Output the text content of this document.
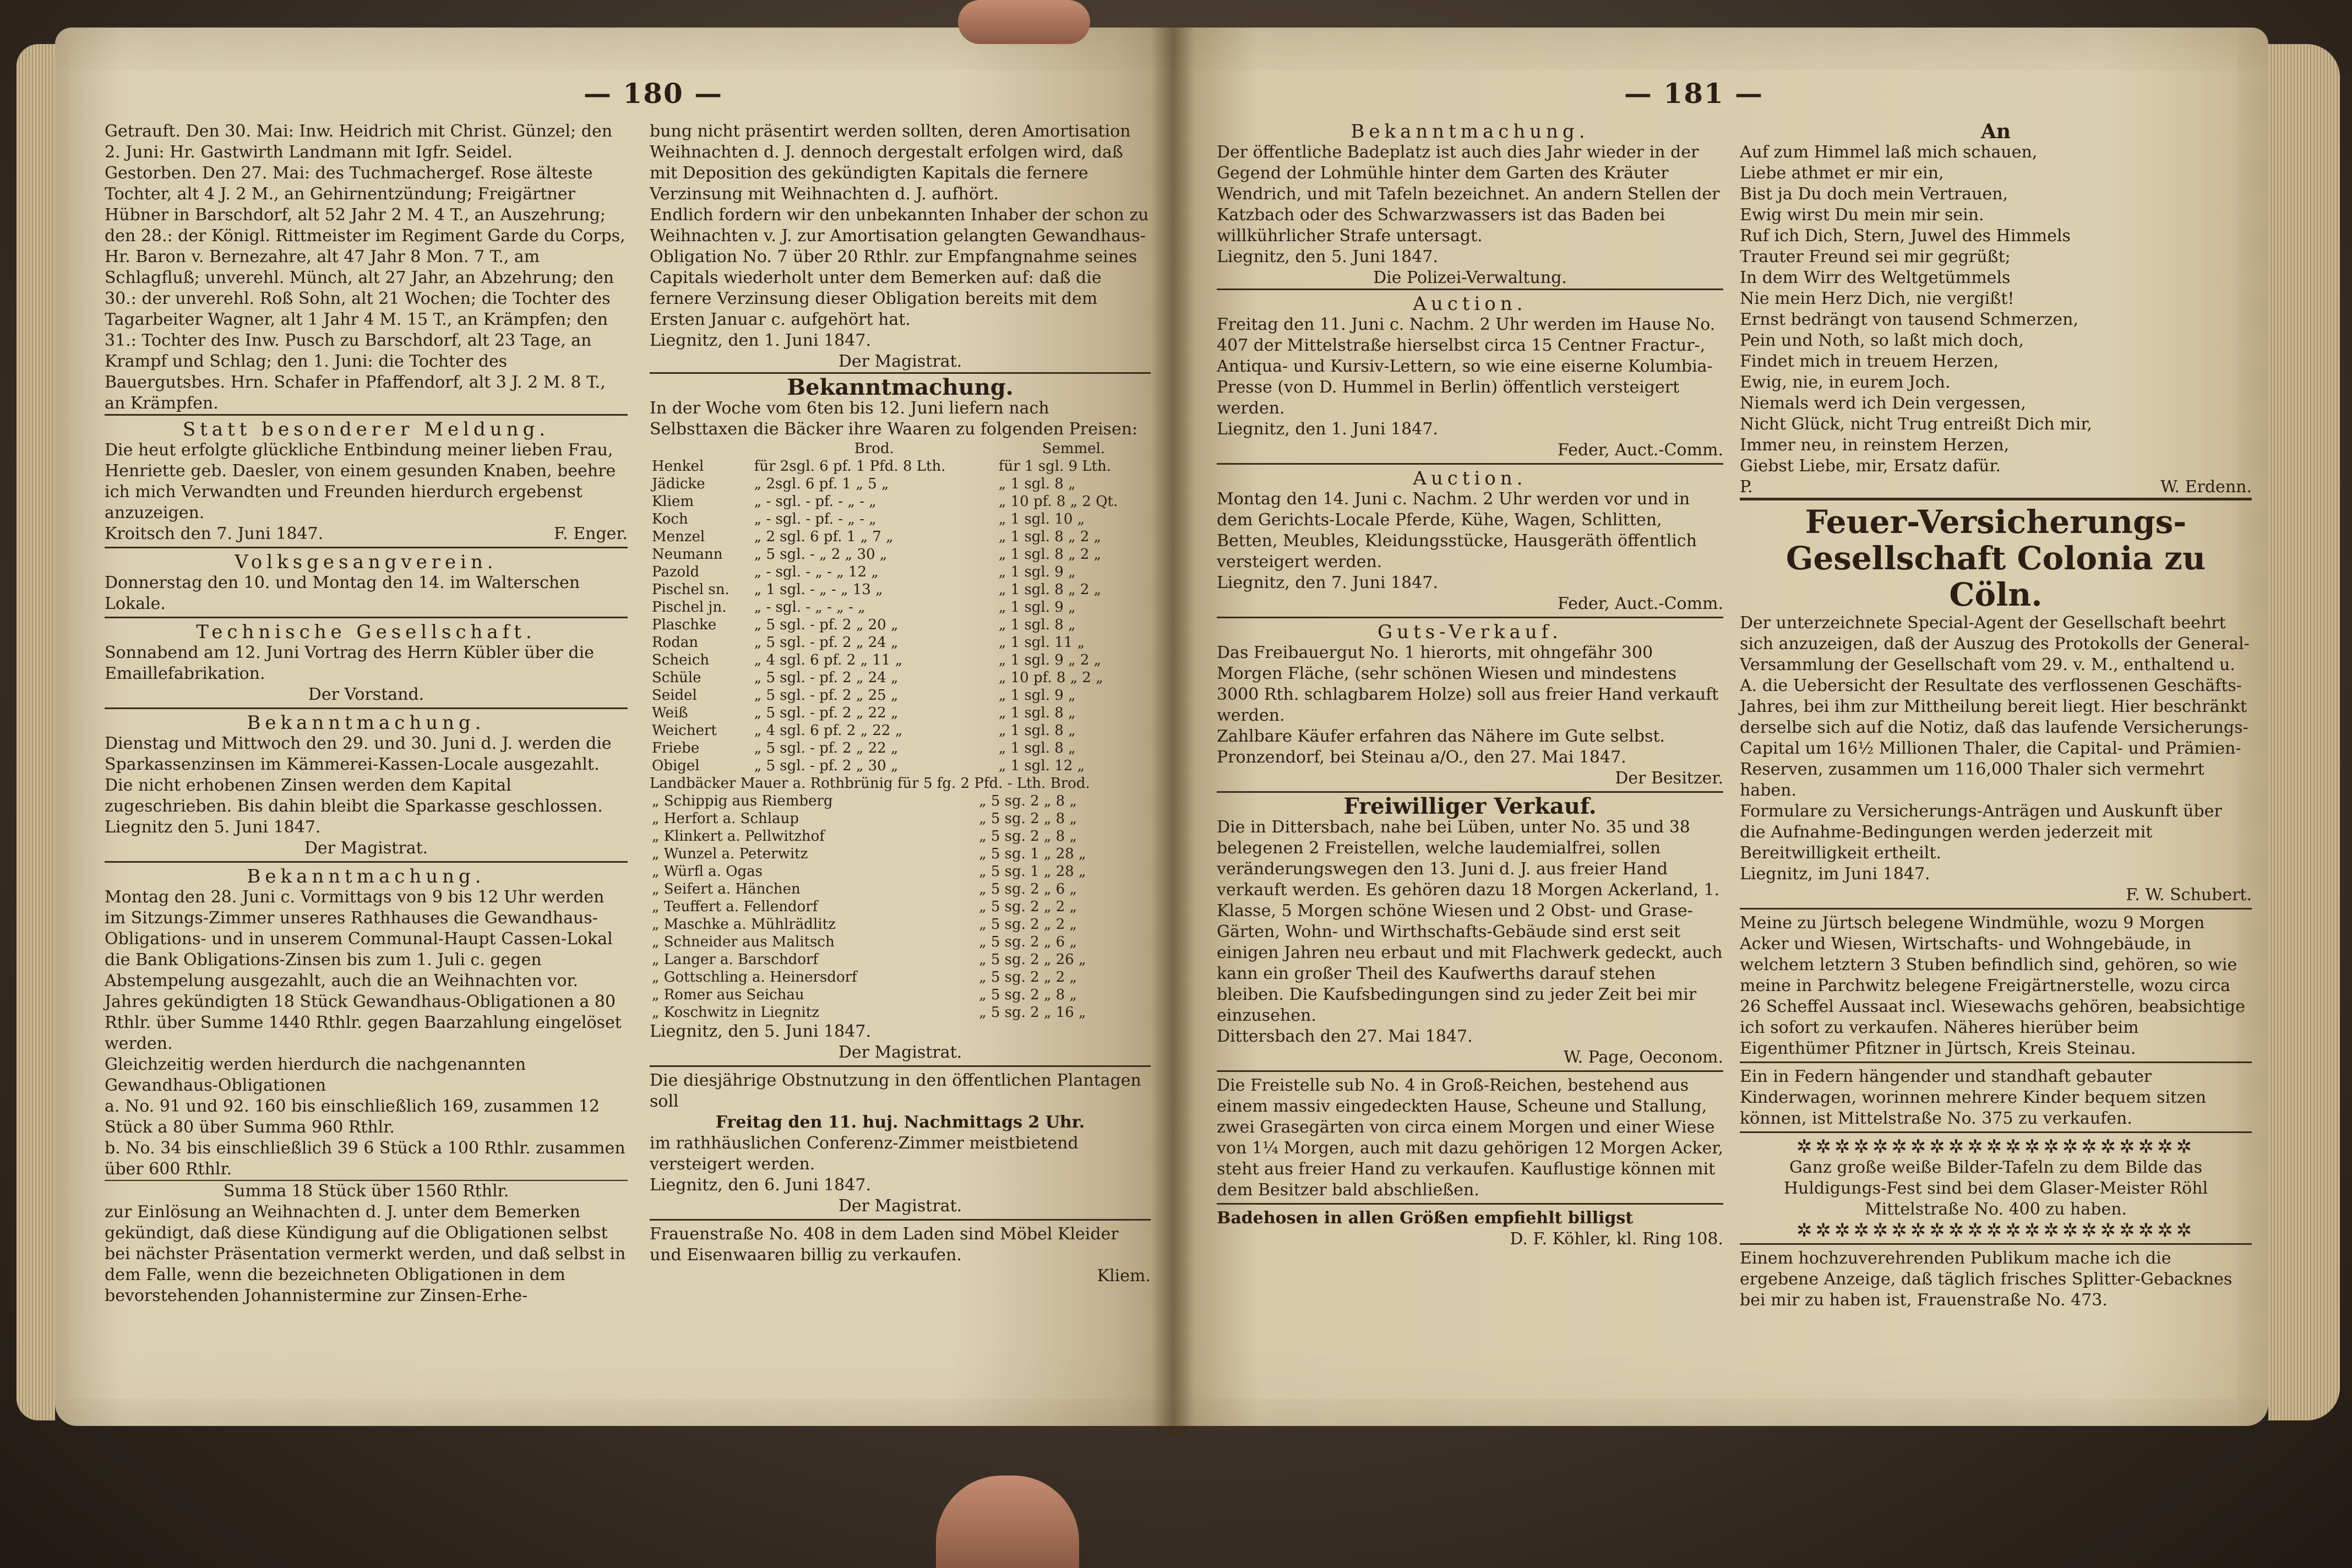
— 180 —

Getrauft. Den 30. Mai: Inw. Heidrich mit Christ. Günzel; den 2. Juni: Hr. Gastwirth Landmann mit Igfr. Seidel.

Gestorben. Den 27. Mai: des Tuchmachergef. Rose älteste Tochter, alt 4 J. 2 M., an Gehirnentzündung; Freigärtner Hübner in Barschdorf, alt 52 Jahr 2 M. 4 T., an Auszehrung; den 28.: der Königl. Rittmeister im Regiment Garde du Corps, Hr. Baron v. Bernezahre, alt 47 Jahr 8 Mon. 7 T., am Schlagfluß; unverehl. Münch, alt 27 Jahr, an Abzehrung; den 30.: der unverehl. Roß Sohn, alt 21 Wochen; die Tochter des Tagarbeiter Wagner, alt 1 Jahr 4 M. 15 T., an Krämpfen; den 31.: Tochter des Inw. Pusch zu Barschdorf, alt 23 Tage, an Krampf und Schlag; den 1. Juni: die Tochter des Bauergutsbes. Hrn. Schafer in Pfaffendorf, alt 3 J. 2 M. 8 T., an Krämpfen.

Statt besonderer Meldung.

Die heut erfolgte glückliche Entbindung meiner lieben Frau, Henriette geb. Daesler, von einem gesunden Knaben, beehre ich mich Verwandten und Freunden hierdurch ergebenst anzuzeigen.

Kroitsch den 7. Juni 1847.	F. Enger.

Volksgesangverein.

Donnerstag den 10. und Montag den 14. im Walterschen Lokale.

Technische Gesellschaft.

Sonnabend am 12. Juni Vortrag des Herrn Kübler über die Emaillefabrikation.

Der Vorstand.

Bekanntmachung.

Dienstag und Mittwoch den 29. und 30. Juni d. J. werden die Sparkassenzinsen im Kämmerei-Kassen-Locale ausgezahlt. Die nicht erhobenen Zinsen werden dem Kapital zugeschrieben. Bis dahin bleibt die Sparkasse geschlossen.

Liegnitz den 5. Juni 1847.

Der Magistrat.

Bekanntmachung.

Montag den 28. Juni c. Vormittags von 9 bis 12 Uhr werden im Sitzungs-Zimmer unseres Rathhauses die Gewandhaus-Obligations- und in unserem Communal-Haupt Cassen-Lokal die Bank Obligations-Zinsen bis zum 1. Juli c. gegen Abstempelung ausgezahlt, auch die an Weihnachten vor. Jahres gekündigten 18 Stück Gewandhaus-Obligationen a 80 Rthlr. über Summe 1440 Rthlr. gegen Baarzahlung eingelöset werden.

Gleichzeitig werden hierdurch die nachgenannten Gewandhaus-Obligationen

a. No. 91 und 92. 160 bis einschließlich 169, zusammen 12 Stück a 80 über Summa 960 Rthlr.

b. No. 34 bis einschließlich 39 6 Stück a 100 Rthlr. zusammen über 600 Rthlr.

Summa 18 Stück über 1560 Rthlr.

zur Einlösung an Weihnachten d. J. unter dem Bemerken gekündigt, daß diese Kündigung auf die Obligationen selbst bei nächster Präsentation vermerkt werden, und daß selbst in dem Falle, wenn die bezeichneten Obligationen in dem bevorstehenden Johannistermine zur Zinsen-Erhe-

bung nicht präsentirt werden sollten, deren Amortisation Weihnachten d. J. dennoch dergestalt erfolgen wird, daß mit Deposition des gekündigten Kapitals die fernere Verzinsung mit Weihnachten d. J. aufhört.

Endlich fordern wir den unbekannten Inhaber der schon zu Weihnachten v. J. zur Amortisation gelangten Gewandhaus-Obligation No. 7 über 20 Rthlr. zur Empfangnahme seines Capitals wiederholt unter dem Bemerken auf: daß die fernere Verzinsung dieser Obligation bereits mit dem Ersten Januar c. aufgehört hat.

Liegnitz, den 1. Juni 1847.

Der Magistrat.

Bekanntmachung.

In der Woche vom 6ten bis 12. Juni liefern nach Selbsttaxen die Bäcker ihre Waaren zu folgenden Preisen:

	Brod.	Semmel.
Henkel	für 2sgl. 6 pf. 1 Pfd. 8 Lth.	für 1 sgl. 9 Lth.
Jädicke	„ 2sgl. 6 pf. 1 „ 5 „	„ 1 sgl. 8 „
Kliem	„ - sgl. - pf. - „ - „	„ 10 pf. 8 „ 2 Qt.
Koch	„ - sgl. - pf. - „ - „	„ 1 sgl. 10 „
Menzel	„ 2 sgl. 6 pf. 1 „ 7 „	„ 1 sgl. 8 „ 2 „
Neumann	„ 5 sgl. - „ 2 „ 30 „	„ 1 sgl. 8 „ 2 „
Pazold	„ - sgl. - „ - „ 12 „	„ 1 sgl. 9 „
Pischel sn.	„ 1 sgl. - „ - „ 13 „	„ 1 sgl. 8 „ 2 „
Pischel jn.	„ - sgl. - „ - „ - „	„ 1 sgl. 9 „
Plaschke	„ 5 sgl. - pf. 2 „ 20 „	„ 1 sgl. 8 „
Rodan	„ 5 sgl. - pf. 2 „ 24 „	„ 1 sgl. 11 „
Scheich	„ 4 sgl. 6 pf. 2 „ 11 „	„ 1 sgl. 9 „ 2 „
Schüle	„ 5 sgl. - pf. 2 „ 24 „	„ 10 pf. 8 „ 2 „
Seidel	„ 5 sgl. - pf. 2 „ 25 „	„ 1 sgl. 9 „
Weiß	„ 5 sgl. - pf. 2 „ 22 „	„ 1 sgl. 8 „
Weichert	„ 4 sgl. 6 pf. 2 „ 22 „	„ 1 sgl. 8 „
Friebe	„ 5 sgl. - pf. 2 „ 22 „	„ 1 sgl. 8 „
Obigel	„ 5 sgl. - pf. 2 „ 30 „	„ 1 sgl. 12 „

Landbäcker Mauer a. Rothbrünig für 5 fg. 2 Pfd. - Lth. Brod.

„ Schippig aus Riemberg	„ 5 sg. 2 „ 8 „
„ Herfort a. Schlaup	„ 5 sg. 2 „ 8 „
„ Klinkert a. Pellwitzhof	„ 5 sg. 2 „ 8 „
„ Wunzel a. Peterwitz	„ 5 sg. 1 „ 28 „
„ Würfl a. Ogas	„ 5 sg. 1 „ 28 „
„ Seifert a. Hänchen	„ 5 sg. 2 „ 6 „
„ Teuffert a. Fellendorf	„ 5 sg. 2 „ 2 „
„ Maschke a. Mühlrädlitz	„ 5 sg. 2 „ 2 „
„ Schneider aus Malitsch	„ 5 sg. 2 „ 6 „
„ Langer a. Barschdorf	„ 5 sg. 2 „ 26 „
„ Gottschling a. Heinersdorf	„ 5 sg. 2 „ 2 „
„ Romer aus Seichau	„ 5 sg. 2 „ 8 „
„ Koschwitz in Liegnitz	„ 5 sg. 2 „ 16 „

Liegnitz, den 5. Juni 1847.

Der Magistrat.

Die diesjährige Obstnutzung in den öffentlichen Plantagen soll

Freitag den 11. huj. Nachmittags 2 Uhr.

im rathhäuslichen Conferenz-Zimmer meistbietend versteigert werden.

Liegnitz, den 6. Juni 1847.

Der Magistrat.

Frauenstraße No. 408 in dem Laden sind Möbel Kleider und Eisenwaaren billig zu verkaufen.

Kliem.

— 181 —
Bekanntmachung.

Der öffentliche Badeplatz ist auch dies Jahr wieder in der Gegend der Lohmühle hinter dem Garten des Kräuter Wendrich, und mit Tafeln bezeichnet. An andern Stellen der Katzbach oder des Schwarzwassers ist das Baden bei willkührlicher Strafe untersagt.

Liegnitz, den 5. Juni 1847.

Die Polizei-Verwaltung.

Auction.

Freitag den 11. Juni c. Nachm. 2 Uhr werden im Hause No. 407 der Mittelstraße hierselbst circa 15 Centner Fractur-, Antiqua- und Kursiv-Lettern, so wie eine eiserne Kolumbia-Presse (von D. Hummel in Berlin) öffentlich versteigert werden.

Liegnitz, den 1. Juni 1847.

Feder, Auct.-Comm.

Auction.

Montag den 14. Juni c. Nachm. 2 Uhr werden vor und in dem Gerichts-Locale Pferde, Kühe, Wagen, Schlitten, Betten, Meubles, Kleidungsstücke, Hausgeräth öffentlich versteigert werden.

Liegnitz, den 7. Juni 1847.

Feder, Auct.-Comm.

Guts-Verkauf.

Das Freibauergut No. 1 hierorts, mit ohngefähr 300 Morgen Fläche, (sehr schönen Wiesen und mindestens 3000 Rth. schlagbarem Holze) soll aus freier Hand verkauft werden.

Zahlbare Käufer erfahren das Nähere im Gute selbst.

Pronzendorf, bei Steinau a/O., den 27. Mai 1847.

Der Besitzer.

Freiwilliger Verkauf.

Die in Dittersbach, nahe bei Lüben, unter No. 35 und 38 belegenen 2 Freistellen, welche laudemialfrei, sollen veränderungswegen den 13. Juni d. J. aus freier Hand verkauft werden. Es gehören dazu 18 Morgen Ackerland, 1. Klasse, 5 Morgen schöne Wiesen und 2 Obst- und Grase-Gärten, Wohn- und Wirthschafts-Gebäude sind erst seit einigen Jahren neu erbaut und mit Flachwerk gedeckt, auch kann ein großer Theil des Kaufwerths darauf stehen bleiben. Die Kaufsbedingungen sind zu jeder Zeit bei mir einzusehen.

Dittersbach den 27. Mai 1847.

W. Page, Oeconom.

Die Freistelle sub No. 4 in Groß-Reichen, bestehend aus einem massiv eingedeckten Hause, Scheune und Stallung, zwei Grasegärten von circa einem Morgen und einer Wiese von 1¼ Morgen, auch mit dazu gehörigen 12 Morgen Acker, steht aus freier Hand zu verkaufen. Kauflustige können mit dem Besitzer bald abschließen.

Badehosen in allen Größen empfiehlt billigst

D. F. Köhler, kl. Ring 108.

An

Auf zum Himmel laß mich schauen,

Liebe athmet er mir ein,

Bist ja Du doch mein Vertrauen,

Ewig wirst Du mein mir sein.

Ruf ich Dich, Stern, Juwel des Himmels

Trauter Freund sei mir gegrüßt;

In dem Wirr des Weltgetümmels

Nie mein Herz Dich, nie vergißt!

Ernst bedrängt von tausend Schmerzen,

Pein und Noth, so laßt mich doch,

Findet mich in treuem Herzen,

Ewig, nie, in eurem Joch.

Niemals werd ich Dein vergessen,

Nicht Glück, nicht Trug entreißt Dich mir,

Immer neu, in reinstem Herzen,

Giebst Liebe, mir, Ersatz dafür.

P.	W. Erdenn.

Feuer-Versicherungs-Gesellschaft Colonia zu Cöln.

Der unterzeichnete Special-Agent der Gesellschaft beehrt sich anzuzeigen, daß der Auszug des Protokolls der General-Versammlung der Gesellschaft vom 29. v. M., enthaltend u. A. die Uebersicht der Resultate des verflossenen Geschäfts-Jahres, bei ihm zur Mittheilung bereit liegt. Hier beschränkt derselbe sich auf die Notiz, daß das laufende Versicherungs-Capital um 16½ Millionen Thaler, die Capital- und Prämien-Reserven, zusammen um 116,000 Thaler sich vermehrt haben.

Formulare zu Versicherungs-Anträgen und Auskunft über die Aufnahme-Bedingungen werden jederzeit mit Bereitwilligkeit ertheilt.

Liegnitz, im Juni 1847.

F. W. Schubert.

Meine zu Jürtsch belegene Windmühle, wozu 9 Morgen Acker und Wiesen, Wirtschafts- und Wohngebäude, in welchem letztern 3 Stuben befindlich sind, gehören, so wie meine in Parchwitz belegene Freigärtnerstelle, wozu circa 26 Scheffel Aussaat incl. Wiesewachs gehören, beabsichtige ich sofort zu verkaufen. Näheres hierüber beim Eigenthümer Pfitzner in Jürtsch, Kreis Steinau.

Ein in Federn hängender und standhaft gebauter Kinderwagen, worinnen mehrere Kinder bequem sitzen können, ist Mittelstraße No. 375 zu verkaufen.

✲✲✲✲✲✲✲✲✲✲✲✲✲✲✲✲✲✲✲✲✲

Ganz große weiße Bilder-Tafeln zu dem Bilde das Huldigungs-Fest sind bei dem Glaser-Meister Röhl Mittelstraße No. 400 zu haben.

✲✲✲✲✲✲✲✲✲✲✲✲✲✲✲✲✲✲✲✲✲

Einem hochzuverehrenden Publikum mache ich die ergebene Anzeige, daß täglich frisches Splitter-Gebacknes bei mir zu haben ist, Frauenstraße No. 473.
